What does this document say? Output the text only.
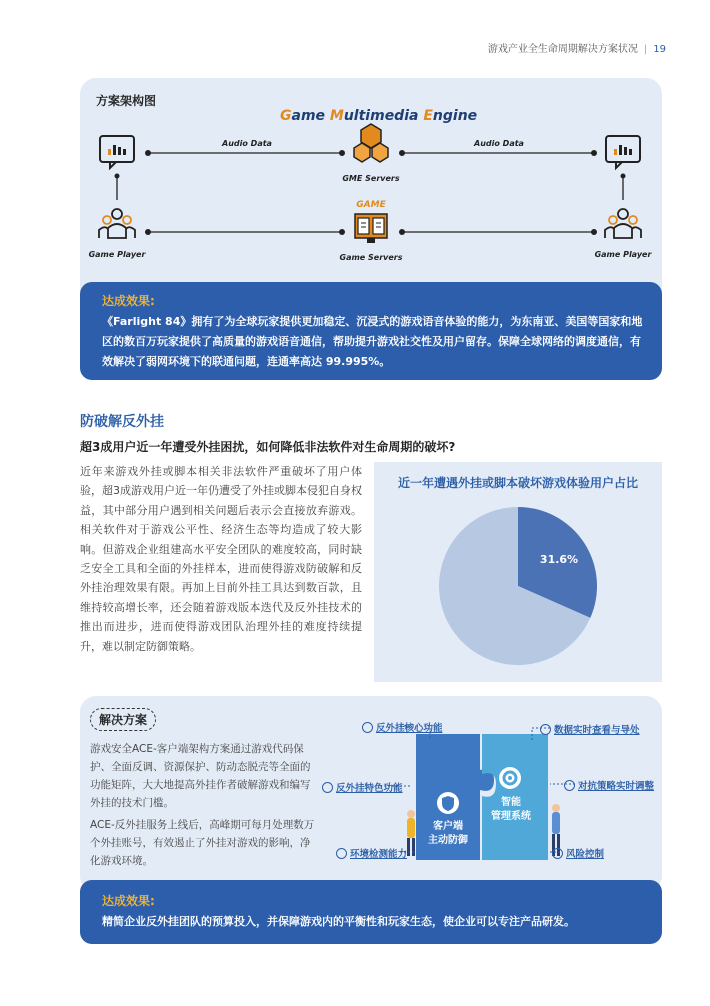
游戏产业全生命周期解决方案状况 | 19
方案架构图
Game Multimedia Engine
Audio Data	Audio Data
GME Servers
Game Player	Game Player
GAME
Game Servers
达成效果:
《Farlight 84》拥有了为全球玩家提供更加稳定、沉浸式的游戏语音体验的能力，为东南亚、美国等国家和地区的数百万玩家提供了高质量的游戏语音通信，帮助提升游戏社交性及用户留存。保障全球网络的调度通信，有效解决了弱网环境下的联通问题，连通率高达 99.995%。
防破解反外挂
超3成用户近一年遭受外挂困扰，如何降低非法软件对生命周期的破坏?
近年来游戏外挂或脚本相关非法软件严重破坏了用户体验，超3成游戏用户近一年仍遭受了外挂或脚本侵犯自身权益，其中部分用户遇到相关问题后表示会直接放弃游戏。相关软件对于游戏公平性、经济生态等均造成了较大影响。但游戏企业组建高水平安全团队的难度较高，同时缺乏安全工具和全面的外挂样本，进而使得游戏防破解和反外挂治理效果有限。再加上目前外挂工具达到数百款，且维持较高增长率，还会随着游戏版本迭代及反外挂技术的推出而进步，进而使得游戏团队治理外挂的难度持续提升，难以制定防御策略。
近一年遭遇外挂或脚本破坏游戏体验用户占比
31.6%
解决方案
游戏安全ACE-客户端架构方案通过游戏代码保护、全面反调、资源保护、防动态脱壳等全面的功能矩阵，大大地提高外挂作者破解游戏和编写外挂的技术门槛。
ACE-反外挂服务上线后，高峰期可每月处理数万个外挂账号，有效遏止了外挂对游戏的影响，净化游戏环境。
客户端
主动防御
智能
管理系统
反外挂核心功能
反外挂特色功能
环境检测能力
数据实时查看与导处
对抗策略实时调整
风险控制
达成效果:
精简企业反外挂团队的预算投入，并保障游戏内的平衡性和玩家生态，使企业可以专注产品研发。
